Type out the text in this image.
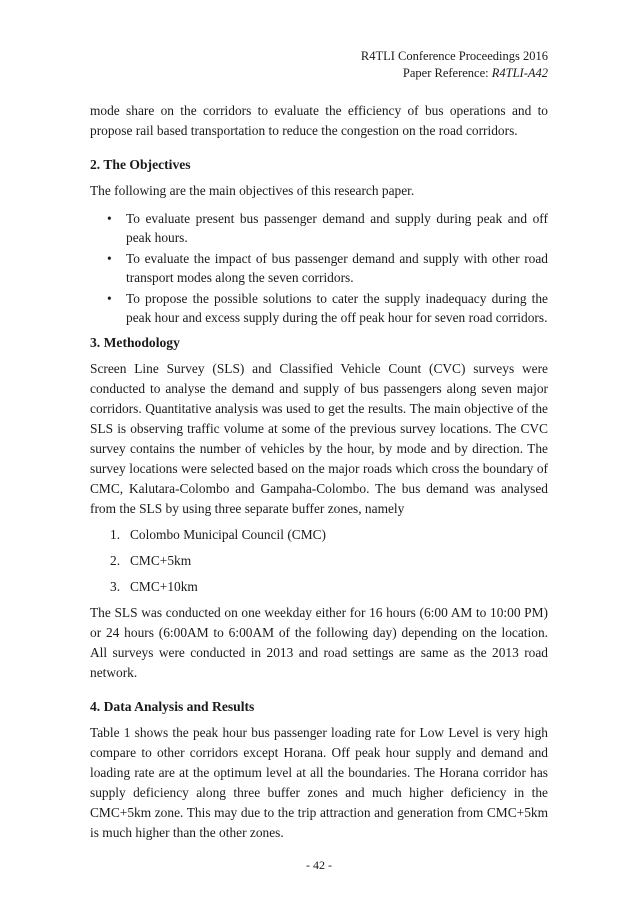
R4TLI Conference Proceedings 2016
Paper Reference: R4TLI-A42

mode share on the corridors to evaluate the efficiency of bus operations and to propose rail based transportation to reduce the congestion on the road corridors.

2. The Objectives

The following are the main objectives of this research paper.

• To evaluate present bus passenger demand and supply during peak and off peak hours.
• To evaluate the impact of bus passenger demand and supply with other road transport modes along the seven corridors.
• To propose the possible solutions to cater the supply inadequacy during the peak hour and excess supply during the off peak hour for seven road corridors.
3. Methodology

Screen Line Survey (SLS) and Classified Vehicle Count (CVC) surveys were conducted to analyse the demand and supply of bus passengers along seven major corridors. Quantitative analysis was used to get the results. The main objective of the SLS is observing traffic volume at some of the previous survey locations. The CVC survey contains the number of vehicles by the hour, by mode and by direction. The survey locations were selected based on the major roads which cross the boundary of CMC, Kalutara-Colombo and Gampaha-Colombo. The bus demand was analysed from the SLS by using three separate buffer zones, namely

1. Colombo Municipal Council (CMC)
2. CMC+5km
3. CMC+10km

The SLS was conducted on one weekday either for 16 hours (6:00 AM to 10:00 PM) or 24 hours (6:00AM to 6:00AM of the following day) depending on the location. All surveys were conducted in 2013 and road settings are same as the 2013 road network.

4. Data Analysis and Results

Table 1 shows the peak hour bus passenger loading rate for Low Level is very high compare to other corridors except Horana. Off peak hour supply and demand and loading rate are at the optimum level at all the boundaries. The Horana corridor has supply deficiency along three buffer zones and much higher deficiency in the CMC+5km zone. This may due to the trip attraction and generation from CMC+5km is much higher than the other zones.

- 42 -
